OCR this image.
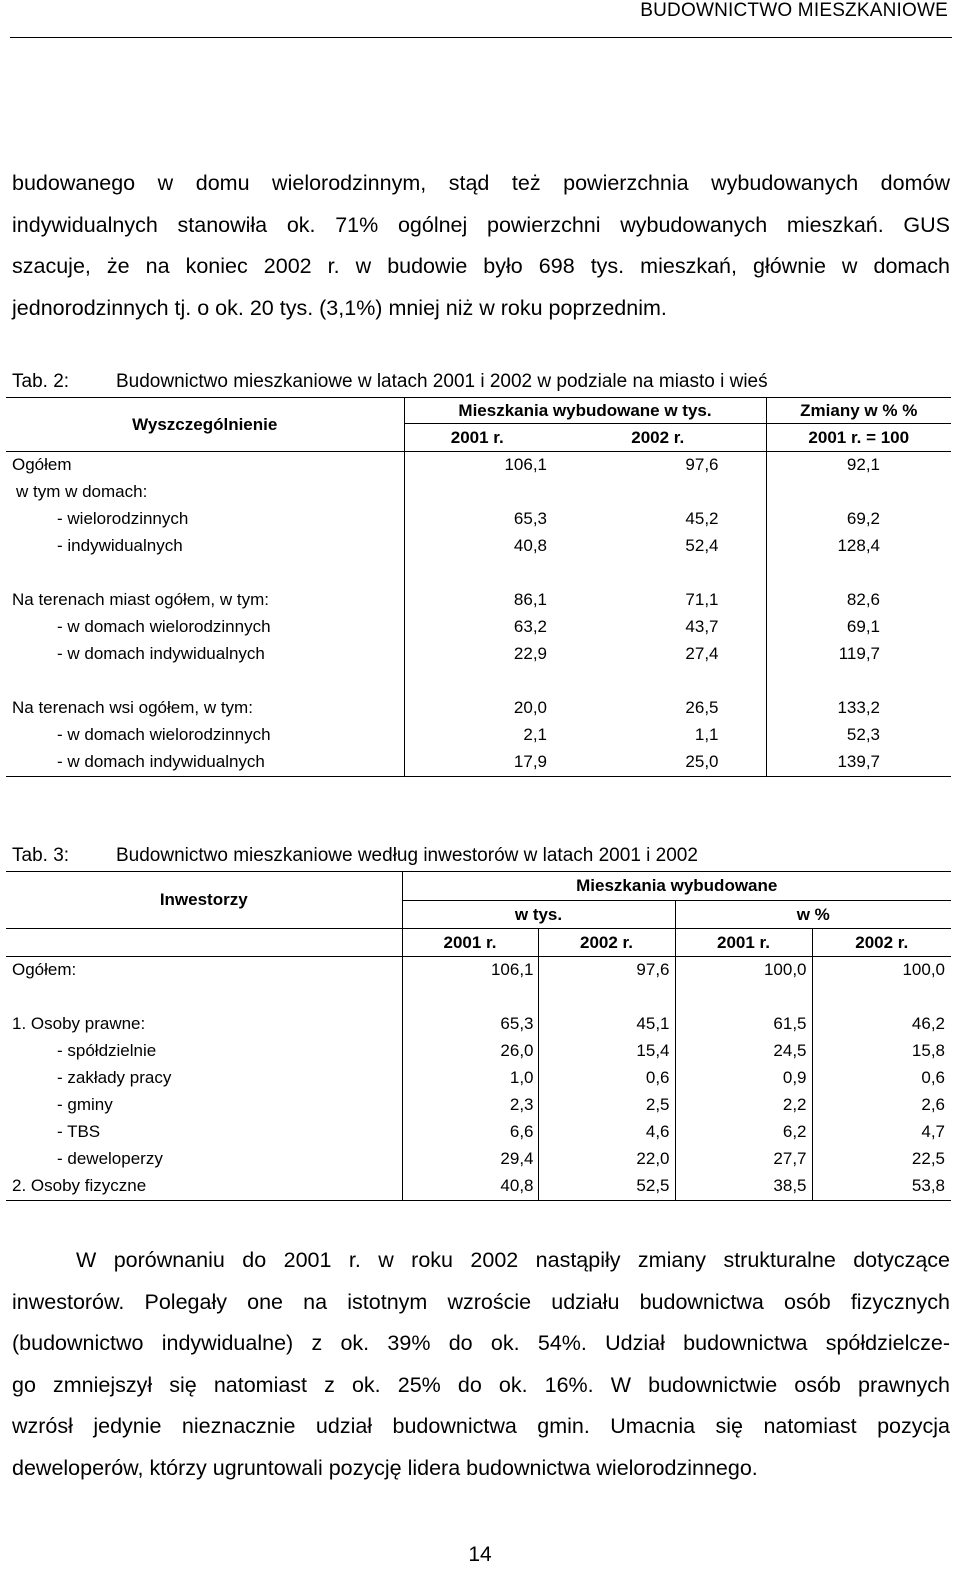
BUDOWNICTWO MIESZKANIOWE
budowanego w domu wielorodzinnym, stąd też powierzchnia wybudowanych domów
indywidualnych stanowiła ok. 71% ogólnej powierzchni wybudowanych mieszkań. GUS
szacuje, że na koniec 2002 r. w budowie było 698 tys. mieszkań, głównie w domach
jednorodzinnych tj. o ok. 20 tys. (3,1%) mniej niż w roku poprzednim.
Tab. 2: Budownictwo mieszkaniowe w latach 2001 i 2002 w podziale na miasto i wieś
Wyszczególnienie	Mieszkania wybudowane w tys.		Zmiany w % %
	2001 r.	2002 r.	2001 r. = 100
Ogółem	106,1	97,6	92,1
w tym w domach:			
- wielorodzinnych	65,3	45,2	69,2
- indywidualnych	40,8	52,4	128,4

Na terenach miast ogółem, w tym:	86,1	71,1	82,6
- w domach wielorodzinnych	63,2	43,7	69,1
- w domach indywidualnych	22,9	27,4	119,7

Na terenach wsi ogółem, w tym:	20,0	26,5	133,2
- w domach wielorodzinnych	2,1	1,1	52,3
- w domach indywidualnych	17,9	25,0	139,7
Tab. 3: Budownictwo mieszkaniowe według inwestorów w latach 2001 i 2002
Inwestorzy	Mieszkania wybudowane			
	w tys.		w %	
	2001 r.	2002 r.	2001 r.	2002 r.
Ogółem:	106,1	97,6	100,0	100,0

1. Osoby prawne:	65,3	45,1	61,5	46,2
- spółdzielnie	26,0	15,4	24,5	15,8
- zakłady pracy	1,0	0,6	0,9	0,6
- gminy	2,3	2,5	2,2	2,6
- TBS	6,6	4,6	6,2	4,7
- deweloperzy	29,4	22,0	27,7	22,5
2. Osoby fizyczne	40,8	52,5	38,5	53,8
W porównaniu do 2001 r. w roku 2002 nastąpiły zmiany strukturalne dotyczące
inwestorów. Polegały one na istotnym wzroście udziału budownictwa osób fizycznych
(budownictwo indywidualne) z ok. 39% do ok. 54%. Udział budownictwa spółdzielcze-
go zmniejszył się natomiast z ok. 25% do ok. 16%. W budownictwie osób prawnych
wzrósł jedynie nieznacznie udział budownictwa gmin. Umacnia się natomiast pozycja
deweloperów, którzy ugruntowali pozycję lidera budownictwa wielorodzinnego.
14
